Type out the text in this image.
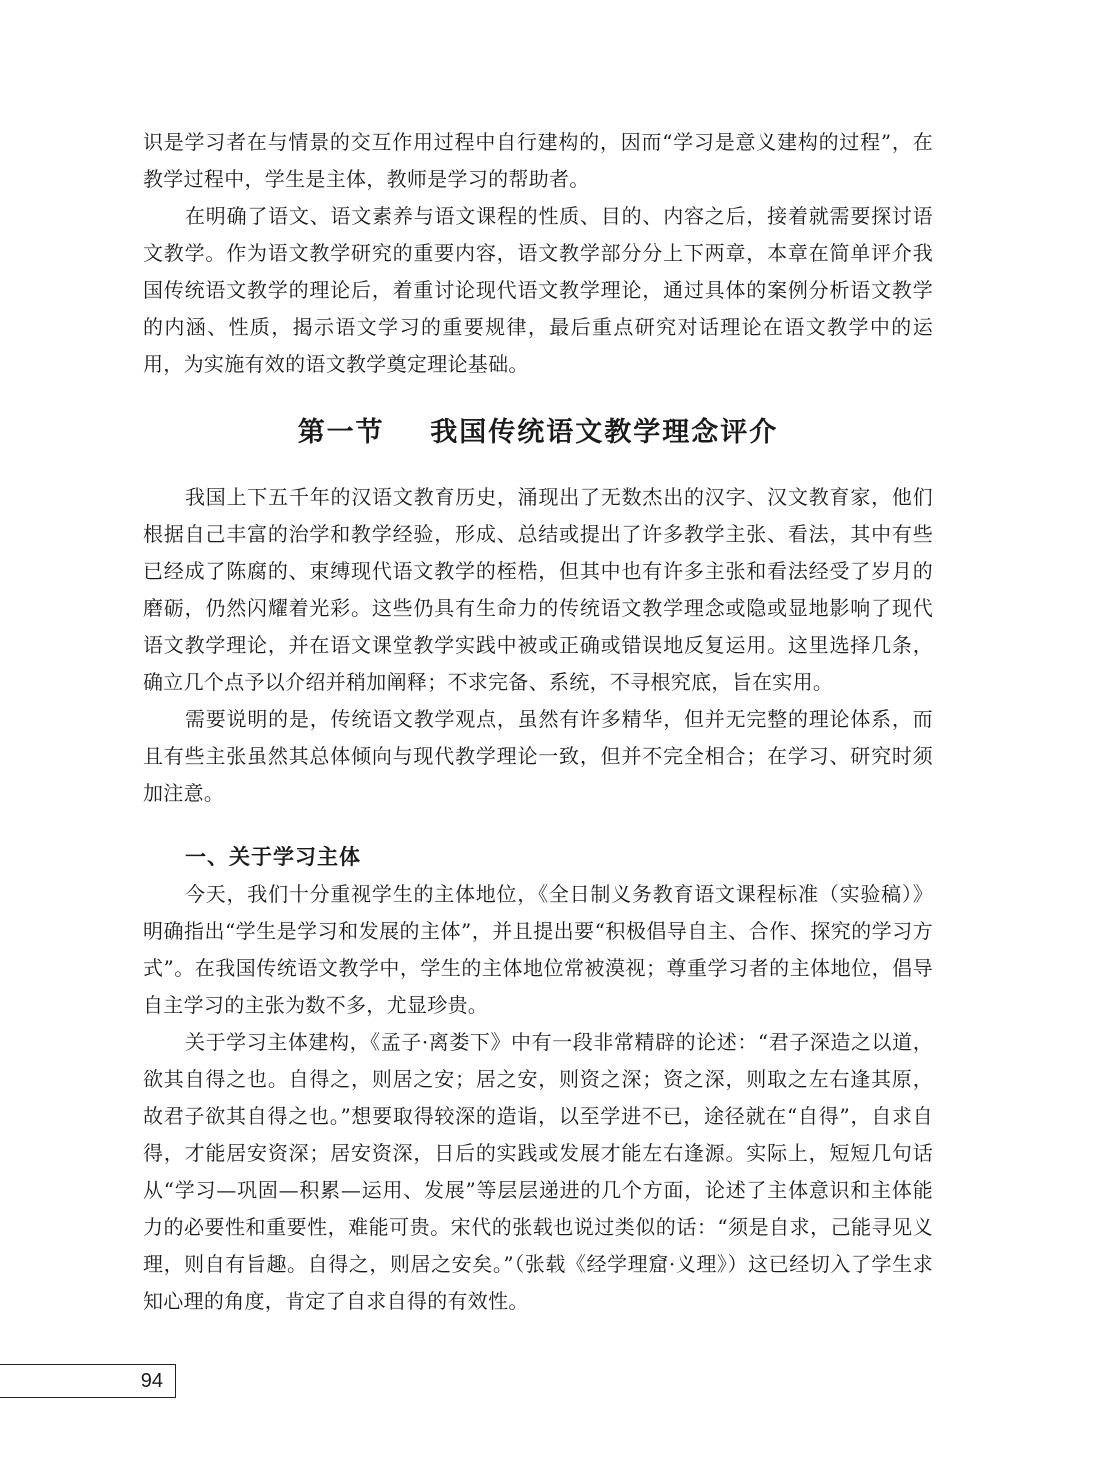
识是学习者在与情景的交互作用过程中自行建构的，因而“学习是意义建构的过程”，在教学过程中，学生是主体，教师是学习的帮助者。

在明确了语文、语文素养与语文课程的性质、目的、内容之后，接着就需要探讨语文教学。作为语文教学研究的重要内容，语文教学部分分上下两章，本章在简单评介我国传统语文教学的理论后，着重讨论现代语文教学理论，通过具体的案例分析语文教学的内涵、性质，揭示语文学习的重要规律，最后重点研究对话理论在语文教学中的运用，为实施有效的语文教学奠定理论基础。

第一节    我国传统语文教学理念评介

我国上下五千年的汉语文教育历史，涌现出了无数杰出的汉字、汉文教育家，他们根据自己丰富的治学和教学经验，形成、总结或提出了许多教学主张、看法，其中有些已经成了陈腐的、束缚现代语文教学的桎梏，但其中也有许多主张和看法经受了岁月的磨砺，仍然闪耀着光彩。这些仍具有生命力的传统语文教学理念或隐或显地影响了现代语文教学理论，并在语文课堂教学实践中被或正确或错误地反复运用。这里选择几条，确立几个点予以介绍并稍加阐释；不求完备、系统，不寻根究底，旨在实用。

需要说明的是，传统语文教学观点，虽然有许多精华，但并无完整的理论体系，而且有些主张虽然其总体倾向与现代教学理论一致，但并不完全相合；在学习、研究时须加注意。

一、关于学习主体

今天，我们十分重视学生的主体地位，《全日制义务教育语文课程标准（实验稿）》明确指出“学生是学习和发展的主体”，并且提出要“积极倡导自主、合作、探究的学习方式”。在我国传统语文教学中，学生的主体地位常被漠视；尊重学习者的主体地位，倡导自主学习的主张为数不多，尤显珍贵。

关于学习主体建构，《孟子·离娄下》中有一段非常精辟的论述：“君子深造之以道，欲其自得之也。自得之，则居之安；居之安，则资之深；资之深，则取之左右逢其原，故君子欲其自得之也。”想要取得较深的造诣，以至学进不已，途径就在“自得”，自求自得，才能居安资深；居安资深，日后的实践或发展才能左右逢源。实际上，短短几句话从“学习—巩固—积累—运用、发展”等层层递进的几个方面，论述了主体意识和主体能力的必要性和重要性，难能可贵。宋代的张载也说过类似的话：“须是自求，己能寻见义理，则自有旨趣。自得之，则居之安矣。”（张载《经学理窟·义理》）这已经切入了学生求知心理的角度，肯定了自求自得的有效性。

94
